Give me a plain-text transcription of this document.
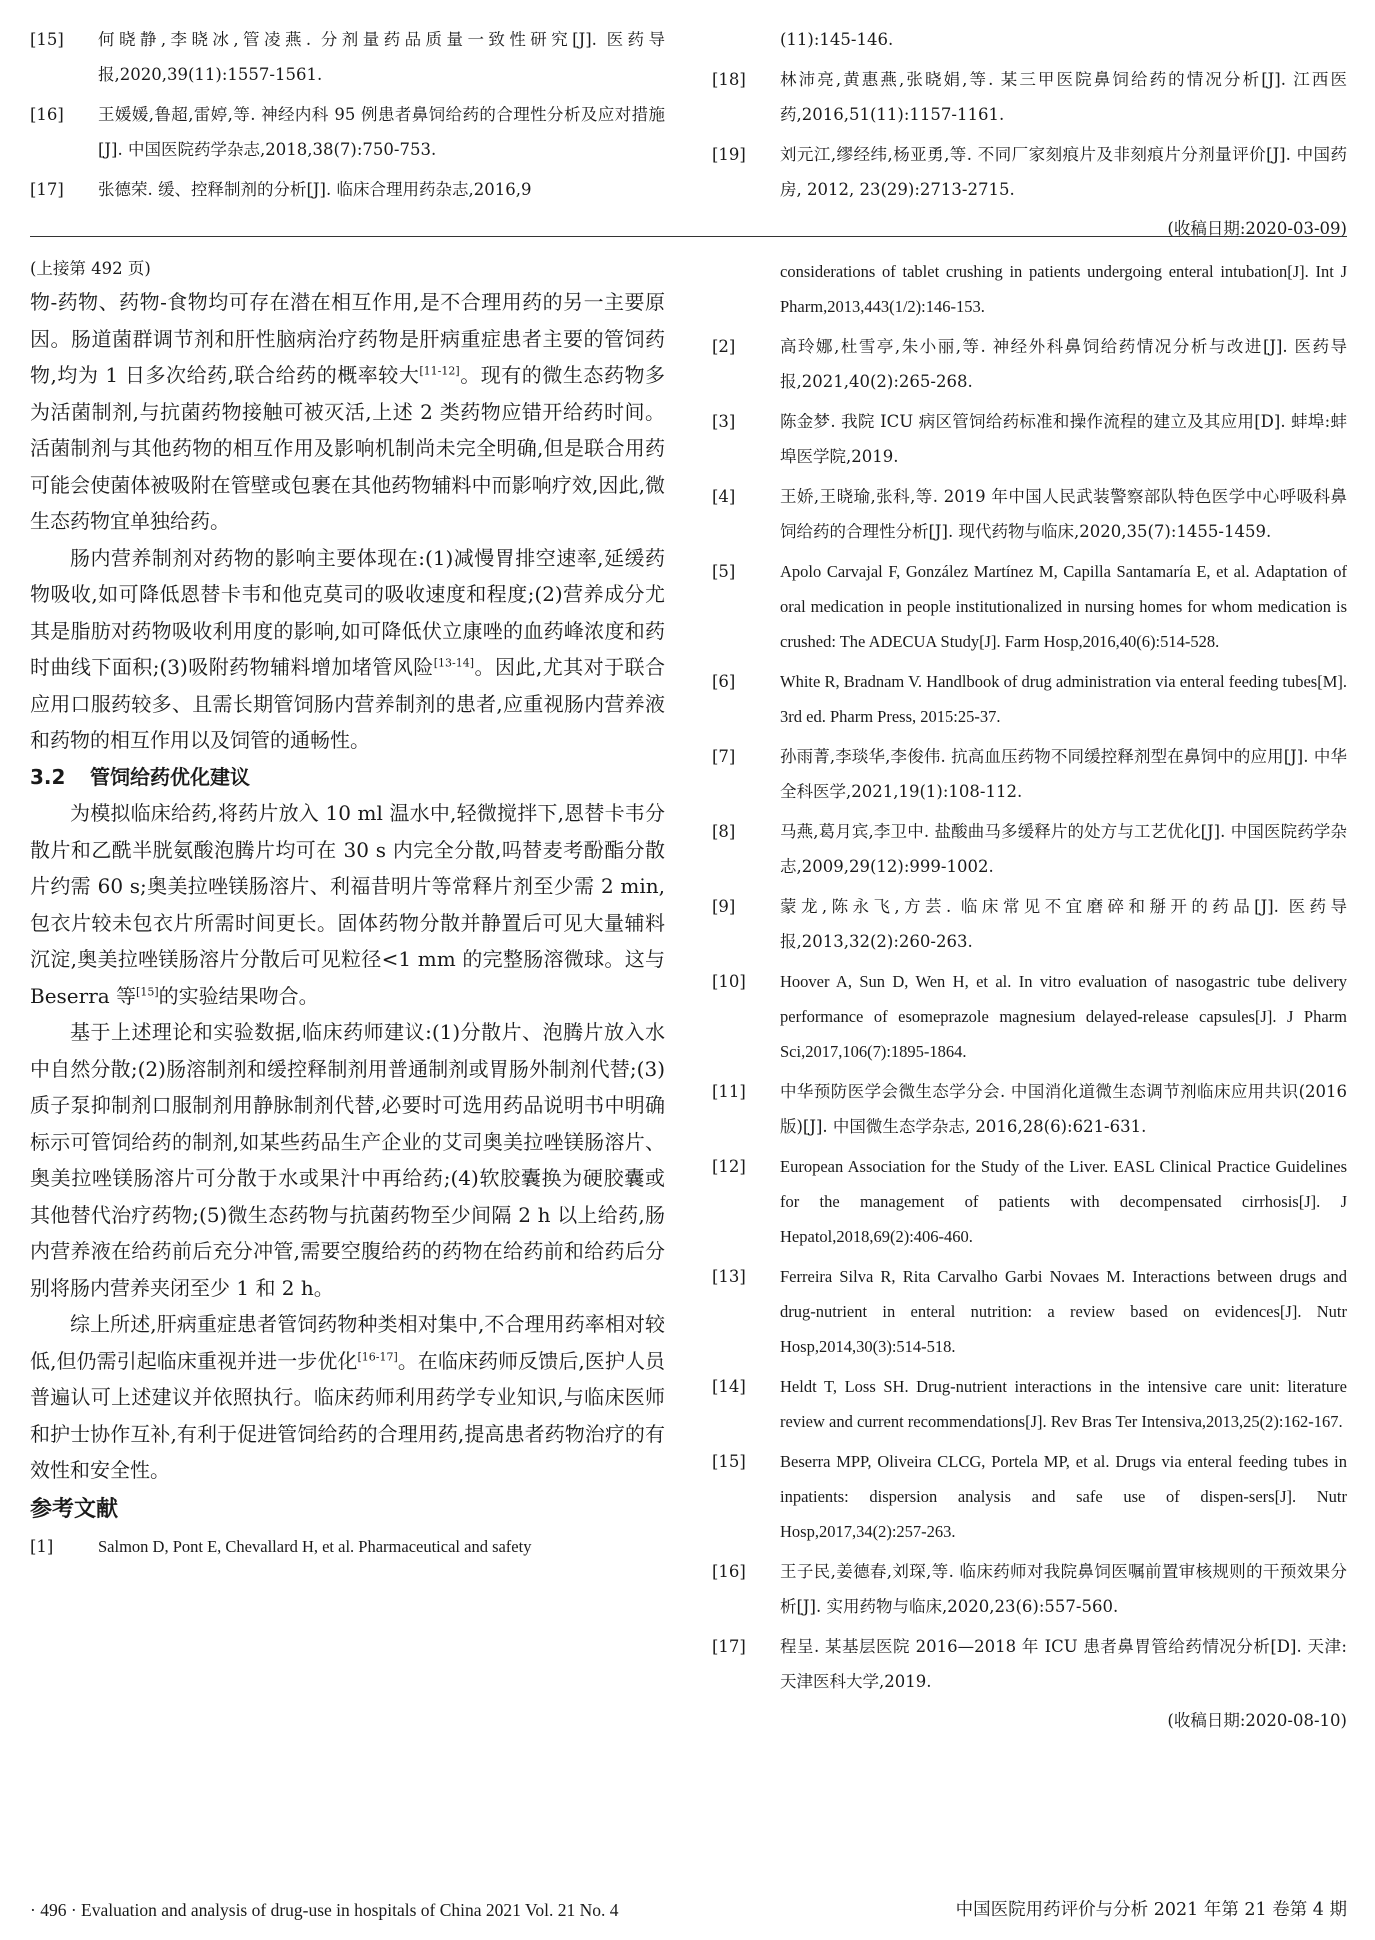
[15]	何晓静,李晓冰,管凌燕. 分剂量药品质量一致性研究[J]. 医药导报,2020,39(11):1557-1561.
[16]	王媛媛,鲁超,雷婷,等. 神经内科 95 例患者鼻饲给药的合理性分析及应对措施[J]. 中国医院药学杂志,2018,38(7):750-753.
[17]	张德荣. 缓、控释制剂的分析[J]. 临床合理用药杂志,2016,9
(11):145-146.
[18]	林沛亮,黄惠燕,张晓娟,等. 某三甲医院鼻饲给药的情况分析[J]. 江西医药,2016,51(11):1157-1161.
[19]	刘元江,缪经纬,杨亚勇,等. 不同厂家刻痕片及非刻痕片分剂量评价[J]. 中国药房, 2012, 23(29):2713-2715.
(收稿日期:2020-03-09)
(上接第 492 页)

物-药物、药物-食物均可存在潜在相互作用,是不合理用药的另一主要原因。肠道菌群调节剂和肝性脑病治疗药物是肝病重症患者主要的管饲药物,均为 1 日多次给药,联合给药的概率较大[11-12]。现有的微生态药物多为活菌制剂,与抗菌药物接触可被灭活,上述 2 类药物应错开给药时间。活菌制剂与其他药物的相互作用及影响机制尚未完全明确,但是联合用药可能会使菌体被吸附在管壁或包裹在其他药物辅料中而影响疗效,因此,微生态药物宜单独给药。

肠内营养制剂对药物的影响主要体现在:(1)减慢胃排空速率,延缓药物吸收,如可降低恩替卡韦和他克莫司的吸收速度和程度;(2)营养成分尤其是脂肪对药物吸收利用度的影响,如可降低伏立康唑的血药峰浓度和药时曲线下面积;(3)吸附药物辅料增加堵管风险[13-14]。因此,尤其对于联合应用口服药较多、且需长期管饲肠内营养制剂的患者,应重视肠内营养液和药物的相互作用以及饲管的通畅性。

3.2 管饲给药优化建议

为模拟临床给药,将药片放入 10 ml 温水中,轻微搅拌下,恩替卡韦分散片和乙酰半胱氨酸泡腾片均可在 30 s 内完全分散,吗替麦考酚酯分散片约需 60 s;奥美拉唑镁肠溶片、利福昔明片等常释片剂至少需 2 min,包衣片较未包衣片所需时间更长。固体药物分散并静置后可见大量辅料沉淀,奥美拉唑镁肠溶片分散后可见粒径<1 mm 的完整肠溶微球。这与 Beserra 等[15]的实验结果吻合。

基于上述理论和实验数据,临床药师建议:(1)分散片、泡腾片放入水中自然分散;(2)肠溶制剂和缓控释制剂用普通制剂或胃肠外制剂代替;(3)质子泵抑制剂口服制剂用静脉制剂代替,必要时可选用药品说明书中明确标示可管饲给药的制剂,如某些药品生产企业的艾司奥美拉唑镁肠溶片、奥美拉唑镁肠溶片可分散于水或果汁中再给药;(4)软胶囊换为硬胶囊或其他替代治疗药物;(5)微生态药物与抗菌药物至少间隔 2 h 以上给药,肠内营养液在给药前后充分冲管,需要空腹给药的药物在给药前和给药后分别将肠内营养夹闭至少 1 和 2 h。

综上所述,肝病重症患者管饲药物种类相对集中,不合理用药率相对较低,但仍需引起临床重视并进一步优化[16-17]。在临床药师反馈后,医护人员普遍认可上述建议并依照执行。临床药师利用药学专业知识,与临床医师和护士协作互补,有利于促进管饲给药的合理用药,提高患者药物治疗的有效性和安全性。

参考文献
[1]	Salmon D, Pont E, Chevallard H, et al. Pharmaceutical and safety
considerations of tablet crushing in patients undergoing enteral intubation[J]. Int J Pharm,2013,443(1/2):146-153.
[2]	高玲娜,杜雪亭,朱小丽,等. 神经外科鼻饲给药情况分析与改进[J]. 医药导报,2021,40(2):265-268.
[3]	陈金梦. 我院 ICU 病区管饲给药标准和操作流程的建立及其应用[D]. 蚌埠:蚌埠医学院,2019.
[4]	王娇,王晓瑜,张科,等. 2019 年中国人民武装警察部队特色医学中心呼吸科鼻饲给药的合理性分析[J]. 现代药物与临床,2020,35(7):1455-1459.
[5]	Apolo Carvajal F, González Martínez M, Capilla Santamaría E, et al. Adaptation of oral medication in people institutionalized in nursing homes for whom medication is crushed: The ADECUA Study[J]. Farm Hosp,2016,40(6):514-528.
[6]	White R, Bradnam V. Handlbook of drug administration via enteral feeding tubes[M]. 3rd ed. Pharm Press, 2015:25-37.
[7]	孙雨菁,李琰华,李俊伟. 抗高血压药物不同缓控释剂型在鼻饲中的应用[J]. 中华全科医学,2021,19(1):108-112.
[8]	马燕,葛月宾,李卫中. 盐酸曲马多缓释片的处方与工艺优化[J]. 中国医院药学杂志,2009,29(12):999-1002.
[9]	蒙龙,陈永飞,方芸. 临床常见不宜磨碎和掰开的药品[J]. 医药导报,2013,32(2):260-263.
[10]	Hoover A, Sun D, Wen H, et al. In vitro evaluation of nasogastric tube delivery performance of esomeprazole magnesium delayed-release capsules[J]. J Pharm Sci,2017,106(7):1895-1864.
[11]	中华预防医学会微生态学分会. 中国消化道微生态调节剂临床应用共识(2016 版)[J]. 中国微生态学杂志, 2016,28(6):621-631.
[12]	European Association for the Study of the Liver. EASL Clinical Practice Guidelines for the management of patients with decompensated cirrhosis[J]. J Hepatol,2018,69(2):406-460.
[13]	Ferreira Silva R, Rita Carvalho Garbi Novaes M. Interactions between drugs and drug-nutrient in enteral nutrition: a review based on evidences[J]. Nutr Hosp,2014,30(3):514-518.
[14]	Heldt T, Loss SH. Drug-nutrient interactions in the intensive care unit: literature review and current recommendations[J]. Rev Bras Ter Intensiva,2013,25(2):162-167.
[15]	Beserra MPP, Oliveira CLCG, Portela MP, et al. Drugs via enteral feeding tubes in inpatients: dispersion analysis and safe use of dispen-sers[J]. Nutr Hosp,2017,34(2):257-263.
[16]	王子民,姜德春,刘琛,等. 临床药师对我院鼻饲医嘱前置审核规则的干预效果分析[J]. 实用药物与临床,2020,23(6):557-560.
[17]	程呈. 某基层医院 2016—2018 年 ICU 患者鼻胃管给药情况分析[D]. 天津:天津医科大学,2019.
(收稿日期:2020-08-10)
· 496 · Evaluation and analysis of drug-use in hospitals of China 2021 Vol. 21 No. 4	中国医院用药评价与分析 2021 年第 21 卷第 4 期
